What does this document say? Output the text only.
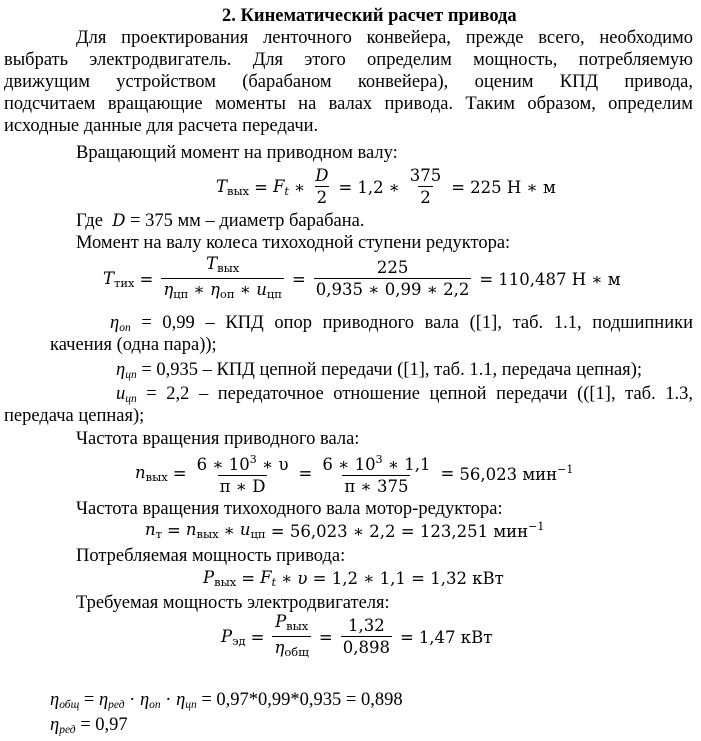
2. Кинематический расчет привода
Для проектирования ленточного конвейера, прежде всего, необходимо
выбрать электродвигатель. Для этого определим мощность, потребляемую
движущим устройством (барабаном конвейера), оценим КПД привода,
подсчитаем вращающие моменты на валах привода. Таким образом, определим
исходные данные для расчета передачи.
Вращающий момент на приводном валу:
$T_{вых} = Ft$ ∗ $\frac{D}{2} = 1,2$ ∗ $\frac{375}{2} = 225$ Н ∗ м
Где D = 375 мм – диаметр барабана.
Момент на валу колеса тихоходной ступени редуктора:
$T_{тих} = \frac{T_{вых}}{\eta_{цп} ∗ \eta_{оп} ∗ u_{цп}} = \frac{225}{0,935 ∗ 0,99 ∗ 2,2} = 110,487$ Н ∗ м
ηоп = 0,99 – КПД опор приводного вала ([1], таб. 1.1, подшипники
качения (одна пара));
ηцп = 0,935 – КПД цепной передачи ([1], таб. 1.1, передача цепная);
uцп = 2,2 – передаточное отношение цепной передачи (([1], таб. 1.3,
передача цепная);
Частота вращения приводного вала:
$n_{вых} = \frac{6 ∗ 10^3 ∗ \upsilon}{\pi ∗ D} = \frac{6 ∗ 10^3 ∗ 1,1}{\pi ∗ 375} = 56,023$ мин$^{-1}$
Частота вращения тихоходного вала мотор-редуктора:
$n_т = n_{вых}$ ∗ $u_{цп}$
= 56,023 ∗ 2,2 = 123,251 мин$^{-1}$
Потребляемая мощность привода:
$P_{вых} = Ft$ ∗ υ
= 1,2 ∗ 1,1 = 1,32 кВт
Требуемая мощность электродвигателя:
$P_{эд} = \frac{P_{вых}}{\eta_{общ}} = \frac{1,32}{0,898} = 1,47$ кВт
ηобщ = ηред · ηоп · ηцп = 0,97*0,99*0,935 = 0,898
ηред = 0,97
